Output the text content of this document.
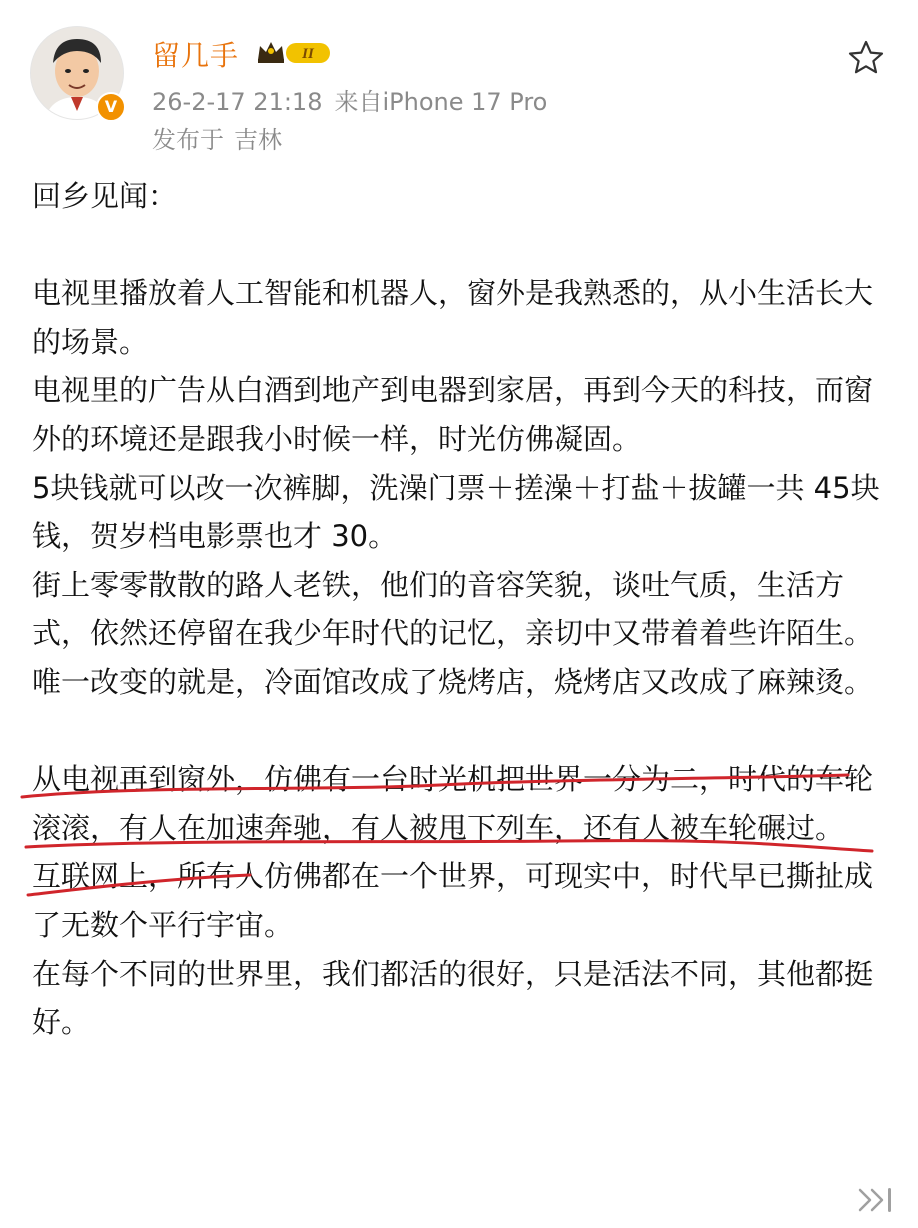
V
留几手	II
26-2-17 21:18 来自iPhone 17 Pro
发布于 吉林

回乡见闻：

电视里播放着人工智能和机器人，窗外是我熟悉的，从小生活长大的场景。

电视里的广告从白酒到地产到电器到家居，再到今天的科技，而窗外的环境还是跟我小时候一样，时光仿佛凝固。

5块钱就可以改一次裤脚，洗澡门票＋搓澡＋打盐＋拔罐一共 45块钱，贺岁档电影票也才 30。

街上零零散散的路人老铁，他们的音容笑貌，谈吐气质，生活方式，依然还停留在我少年时代的记忆，亲切中又带着着些许陌生。

唯一改变的就是，冷面馆改成了烧烤店，烧烤店又改成了麻辣烫。

从电视再到窗外，仿佛有一台时光机把世界一分为二，时代的车轮滚滚，有人在加速奔驰，有人被甩下列车，还有人被车轮碾过。

互联网上，所有人仿佛都在一个世界，可现实中，时代早已撕扯成了无数个平行宇宙。

在每个不同的世界里，我们都活的很好，只是活法不同，其他都挺好。
